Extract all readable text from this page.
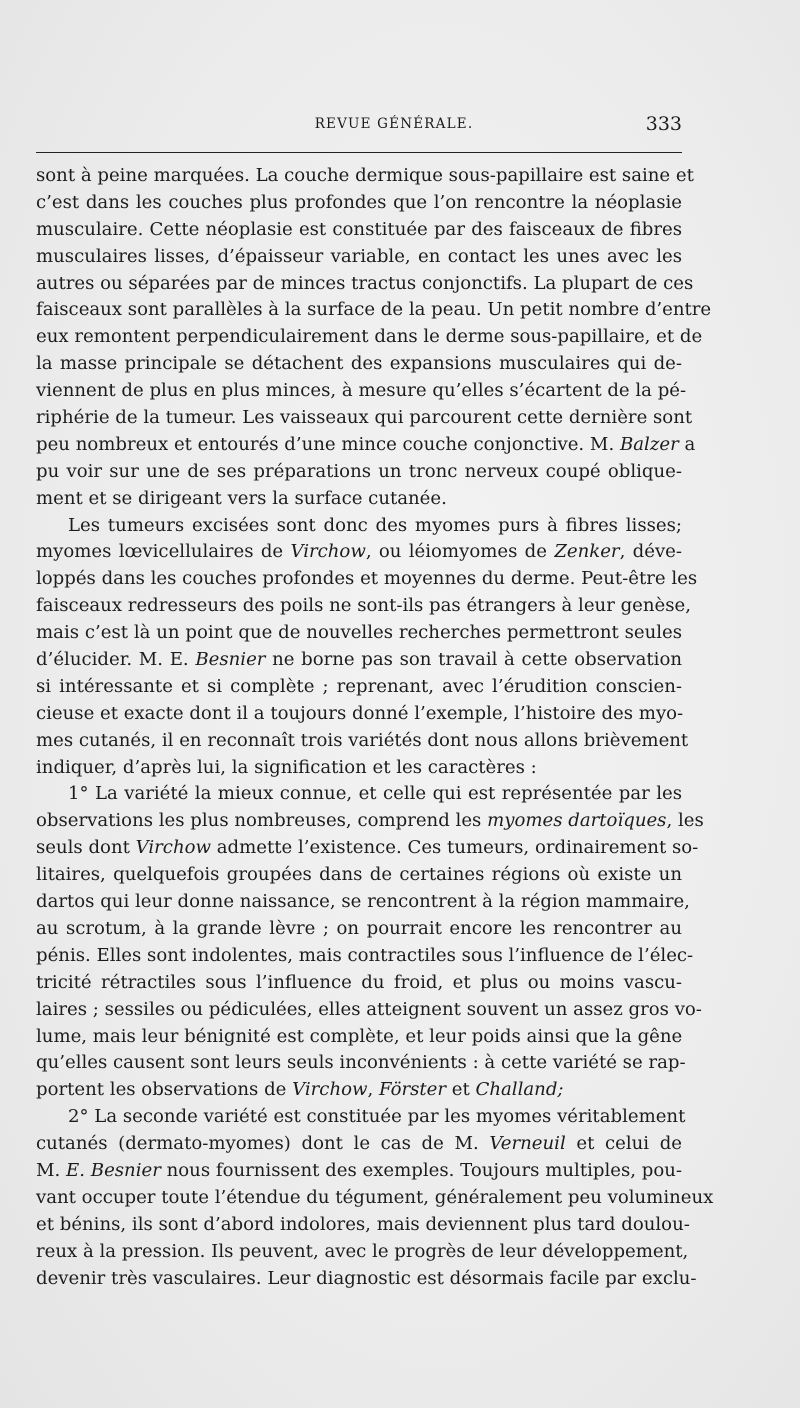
REVUE GÉNÉRALE.	333
sont à peine marquées. La couche dermique sous-papillaire est saine et
c’est dans les couches plus profondes que l’on rencontre la néoplasie
musculaire. Cette néoplasie est constituée par des faisceaux de fibres
musculaires lisses, d’épaisseur variable, en contact les unes avec les
autres ou séparées par de minces tractus conjonctifs. La plupart de ces
faisceaux sont parallèles à la surface de la peau. Un petit nombre d’entre
eux remontent perpendiculairement dans le derme sous-papillaire, et de
la masse principale se détachent des expansions musculaires qui de-
viennent de plus en plus minces, à mesure qu’elles s’écartent de la pé-
riphérie de la tumeur. Les vaisseaux qui parcourent cette dernière sont
peu nombreux et entourés d’une mince couche conjonctive. M. Balzer a
pu voir sur une de ses préparations un tronc nerveux coupé oblique-
ment et se dirigeant vers la surface cutanée.
Les tumeurs excisées sont donc des myomes purs à fibres lisses;
myomes lœvicellulaires de Virchow, ou léiomyomes de Zenker, déve-
loppés dans les couches profondes et moyennes du derme. Peut-être les
faisceaux redresseurs des poils ne sont-ils pas étrangers à leur genèse,
mais c’est là un point que de nouvelles recherches permettront seules
d’élucider. M. E. Besnier ne borne pas son travail à cette observation
si intéressante et si complète ; reprenant, avec l’érudition conscien-
cieuse et exacte dont il a toujours donné l’exemple, l’histoire des myo-
mes cutanés, il en reconnaît trois variétés dont nous allons brièvement
indiquer, d’après lui, la signification et les caractères :
1° La variété la mieux connue, et celle qui est représentée par les
observations les plus nombreuses, comprend les myomes dartoïques, les
seuls dont Virchow admette l’existence. Ces tumeurs, ordinairement so-
litaires, quelquefois groupées dans de certaines régions où existe un
dartos qui leur donne naissance, se rencontrent à la région mammaire,
au scrotum, à la grande lèvre ; on pourrait encore les rencontrer au
pénis. Elles sont indolentes, mais contractiles sous l’influence de l’élec-
tricité rétractiles sous l’influence du froid, et plus ou moins vascu-
laires ; sessiles ou pédiculées, elles atteignent souvent un assez gros vo-
lume, mais leur bénignité est complète, et leur poids ainsi que la gêne
qu’elles causent sont leurs seuls inconvénients : à cette variété se rap-
portent les observations de Virchow, Förster et Challand;
2° La seconde variété est constituée par les myomes véritablement
cutanés (dermato-myomes) dont le cas de M. Verneuil et celui de
M. E. Besnier nous fournissent des exemples. Toujours multiples, pou-
vant occuper toute l’étendue du tégument, généralement peu volumineux
et bénins, ils sont d’abord indolores, mais deviennent plus tard doulou-
reux à la pression. Ils peuvent, avec le progrès de leur développement,
devenir très vasculaires. Leur diagnostic est désormais facile par exclu-
